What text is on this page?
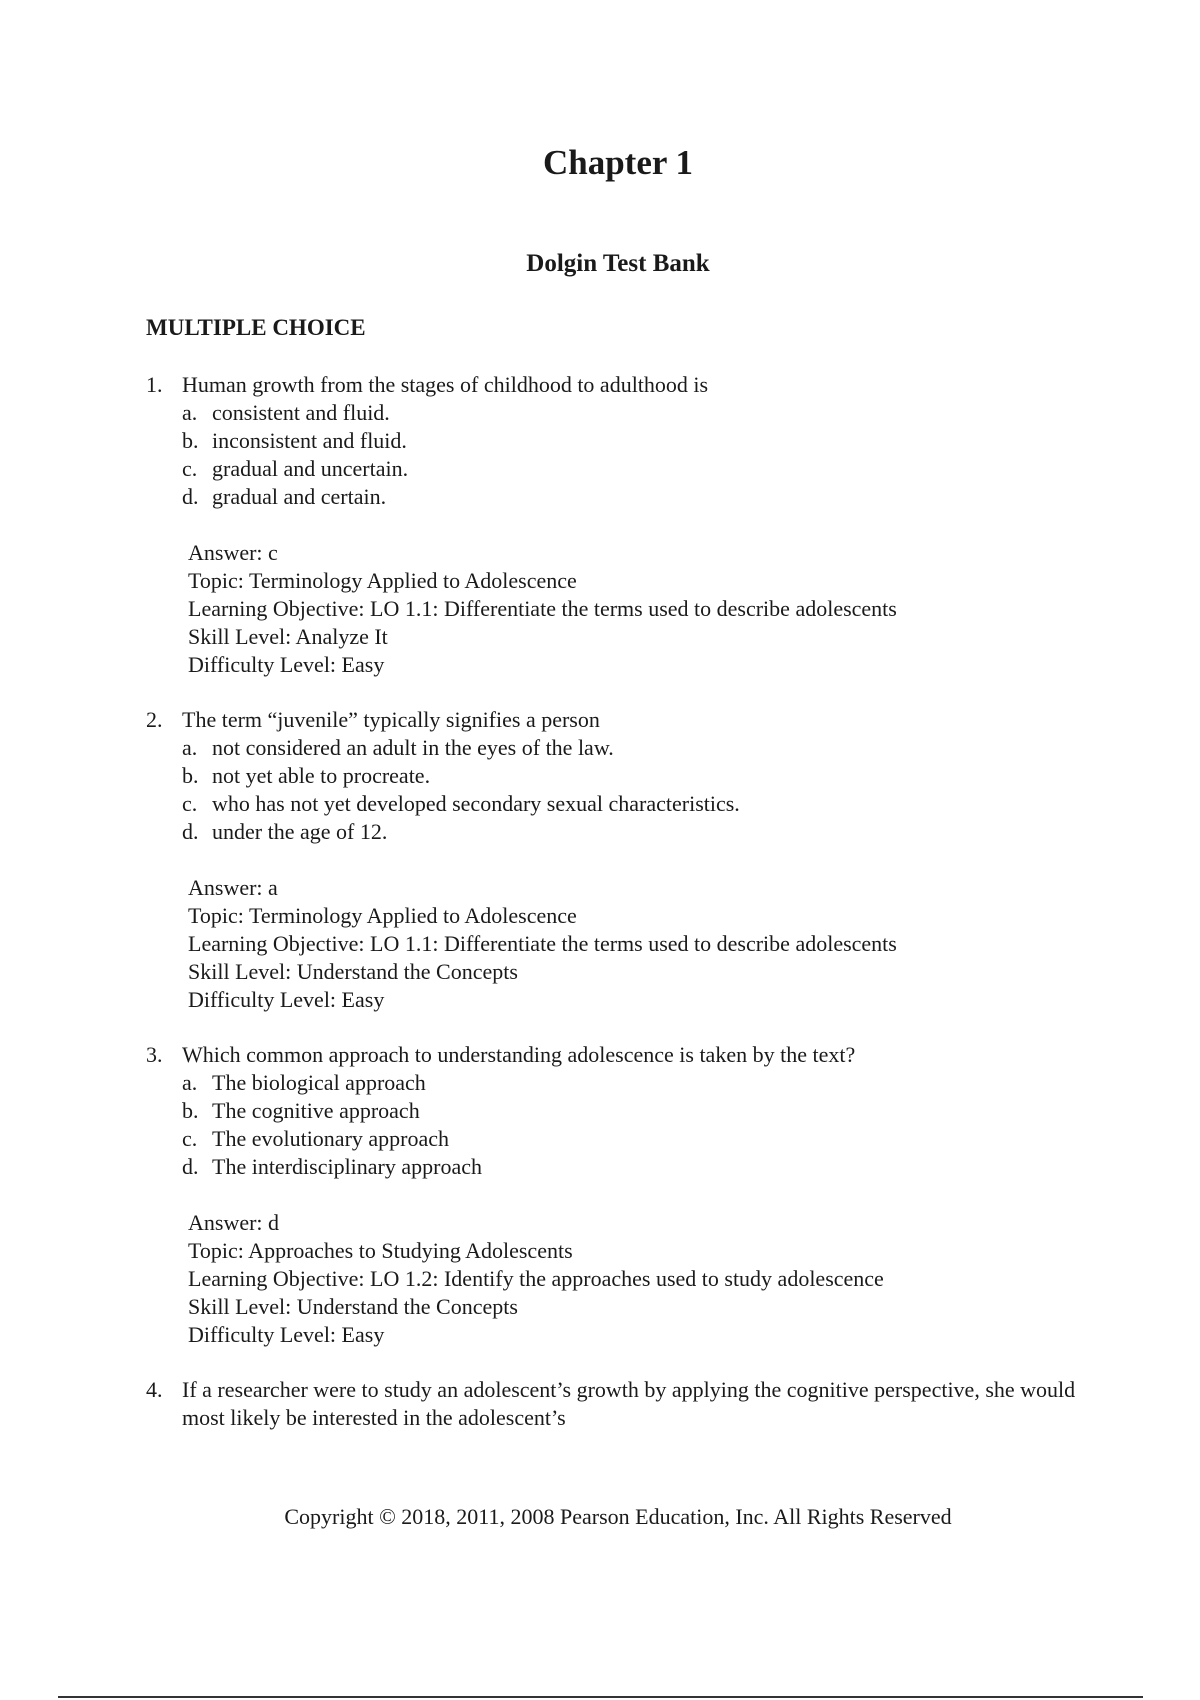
Chapter 1
Dolgin Test Bank
MULTIPLE CHOICE
1. Human growth from the stages of childhood to adulthood is
a. consistent and fluid.
b. inconsistent and fluid.
c. gradual and uncertain.
d. gradual and certain.
Answer: c
Topic: Terminology Applied to Adolescence
Learning Objective: LO 1.1: Differentiate the terms used to describe adolescents
Skill Level: Analyze It
Difficulty Level: Easy
2. The term “juvenile” typically signifies a person
a. not considered an adult in the eyes of the law.
b. not yet able to procreate.
c. who has not yet developed secondary sexual characteristics.
d. under the age of 12.
Answer: a
Topic: Terminology Applied to Adolescence
Learning Objective: LO 1.1: Differentiate the terms used to describe adolescents
Skill Level: Understand the Concepts
Difficulty Level: Easy
3. Which common approach to understanding adolescence is taken by the text?
a. The biological approach
b. The cognitive approach
c. The evolutionary approach
d. The interdisciplinary approach
Answer: d
Topic: Approaches to Studying Adolescents
Learning Objective: LO 1.2: Identify the approaches used to study adolescence
Skill Level: Understand the Concepts
Difficulty Level: Easy
4. If a researcher were to study an adolescent’s growth by applying the cognitive perspective, she would most likely be interested in the adolescent’s

Copyright © 2018, 2011, 2008 Pearson Education, Inc. All Rights Reserved
